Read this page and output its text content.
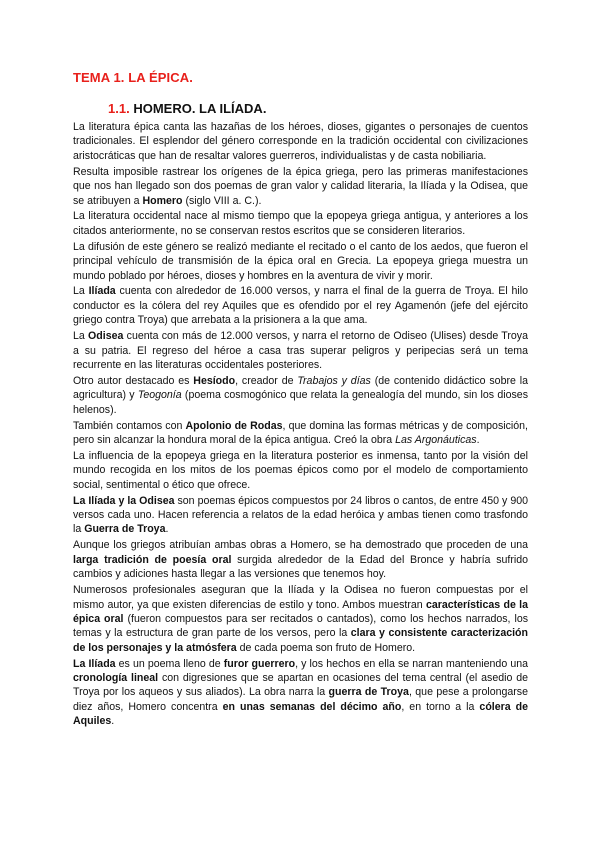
TEMA 1. LA ÉPICA.
1.1. HOMERO. LA ILÍADA.

La literatura épica canta las hazañas de los héroes, dioses, gigantes o personajes de cuentos tradicionales. El esplendor del género corresponde en la tradición occidental con civilizaciones aristocráticas que han de resaltar valores guerreros, individualistas y de casta nobiliaria.

Resulta imposible rastrear los orígenes de la épica griega, pero las primeras manifestaciones que nos han llegado son dos poemas de gran valor y calidad literaria, la Ilíada y la Odisea, que se atribuyen a Homero (siglo VIII a. C.).

La literatura occidental nace al mismo tiempo que la epopeya griega antigua, y anteriores a los citados anteriormente, no se conservan restos escritos que se consideren literarios.

La difusión de este género se realizó mediante el recitado o el canto de los aedos, que fueron el principal vehículo de transmisión de la épica oral en Grecia. La epopeya griega muestra un mundo poblado por héroes, dioses y hombres en la aventura de vivir y morir.

La Ilíada cuenta con alrededor de 16.000 versos, y narra el final de la guerra de Troya. El hilo conductor es la cólera del rey Aquiles que es ofendido por el rey Agamenón (jefe del ejército griego contra Troya) que arrebata a la prisionera a la que ama.

La Odisea cuenta con más de 12.000 versos, y narra el retorno de Odiseo (Ulises) desde Troya a su patria. El regreso del héroe a casa tras superar peligros y peripecias será un tema recurrente en las literaturas occidentales posteriores.

Otro autor destacado es Hesíodo, creador de Trabajos y días (de contenido didáctico sobre la agricultura) y Teogonía (poema cosmogónico que relata la genealogía del mundo, sin los dioses helenos).

También contamos con Apolonio de Rodas, que domina las formas métricas y de composición, pero sin alcanzar la hondura moral de la épica antigua. Creó la obra Las Argonáuticas.

La influencia de la epopeya griega en la literatura posterior es inmensa, tanto por la visión del mundo recogida en los mitos de los poemas épicos como por el modelo de comportamiento social, sentimental o ético que ofrece.

La Ilíada y la Odisea son poemas épicos compuestos por 24 libros o cantos, de entre 450 y 900 versos cada uno. Hacen referencia a relatos de la edad heróica y ambas tienen como trasfondo la Guerra de Troya.

Aunque los griegos atribuían ambas obras a Homero, se ha demostrado que proceden de una larga tradición de poesía oral surgida alrededor de la Edad del Bronce y habría sufrido cambios y adiciones hasta llegar a las versiones que tenemos hoy.

Numerosos profesionales aseguran que la Ilíada y la Odisea no fueron compuestas por el mismo autor, ya que existen diferencias de estilo y tono. Ambos muestran características de la épica oral (fueron compuestos para ser recitados o cantados), como los hechos narrados, los temas y la estructura de gran parte de los versos, pero la clara y consistente caracterización de los personajes y la atmósfera de cada poema son fruto de Homero.

La Ilíada es un poema lleno de furor guerrero, y los hechos en ella se narran manteniendo una cronología lineal con digresiones que se apartan en ocasiones del tema central (el asedio de Troya por los aqueos y sus aliados). La obra narra la guerra de Troya, que pese a prolongarse diez años, Homero concentra en unas semanas del décimo año, en torno a la cólera de Aquiles.
